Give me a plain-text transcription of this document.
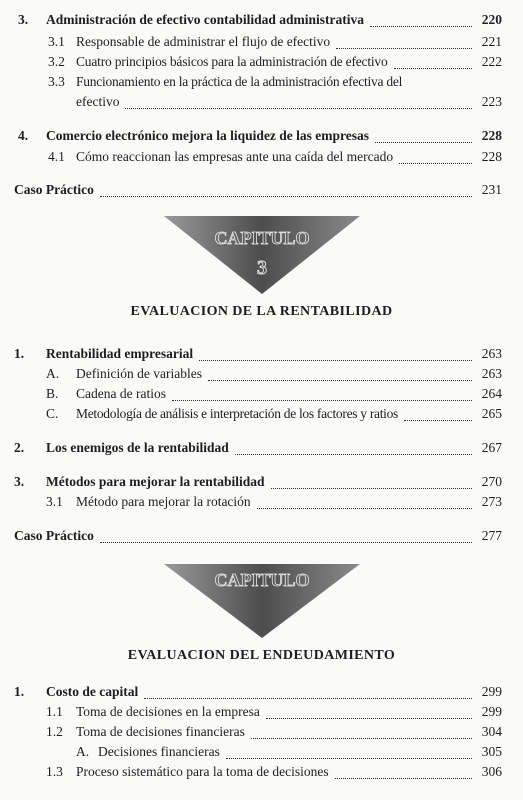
3.	Administración de efectivo contabilidad administrativa	220
3.1 Responsable de administrar el flujo de efectivo	221
3.2 Cuatro principios básicos para la administración de efectivo	222
3.3 Funcionamiento en la práctica de la administración efectiva del
efectivo	223
4.	Comercio electrónico mejora la liquidez de las empresas	228
4.1 Cómo reaccionan las empresas ante una caída del mercado	228
Caso Práctico	231
CAPITULO
3
EVALUACION DE LA RENTABILIDAD
1.	Rentabilidad empresarial	263
A.	Definición de variables	263
B.	Cadena de ratios	264
C.	Metodología de análisis e interpretación de los factores y ratios	265
2.	Los enemigos de la rentabilidad	267
3.	Métodos para mejorar la rentabilidad	270
3.1 Método para mejorar la rotación	273
Caso Práctico	277
CAPITULO
EVALUACION DEL ENDEUDAMIENTO
1.	Costo de capital	299
1.1 Toma de decisiones en la empresa	299
1.2 Toma de decisiones financieras	304
A. Decisiones financieras	305
1.3 Proceso sistemático para la toma de decisiones	306
